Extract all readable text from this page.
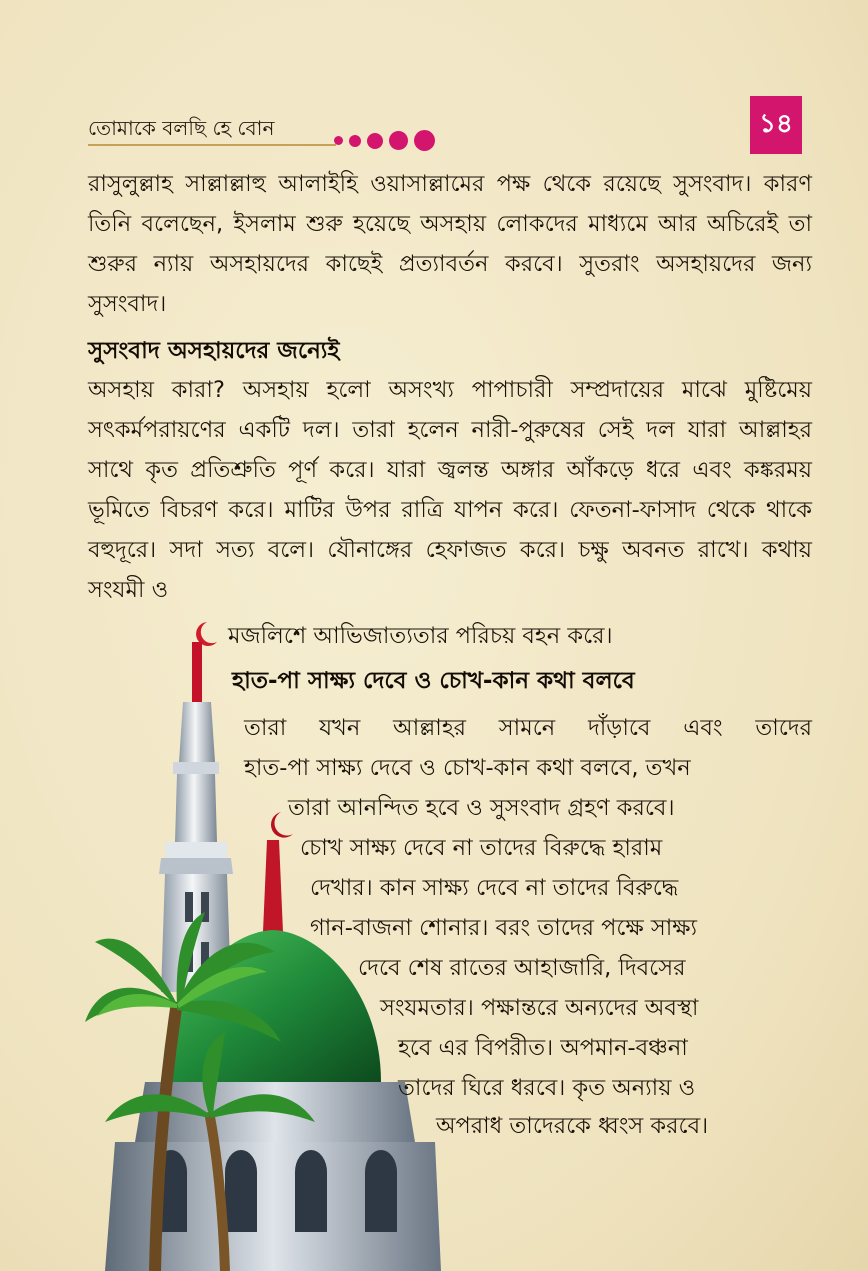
তোমাকে বলছি হে বোন	১৪

রাসুলুল্লাহ সাল্লাল্লাহু আলাইহি ওয়াসাল্লামের পক্ষ থেকে রয়েছে সুসংবাদ। কারণ তিনি বলেছেন, ইসলাম শুরু হয়েছে অসহায় লোকদের মাধ্যমে আর অচিরেই তা শুরুর ন্যায় অসহায়দের কাছেই প্রত্যাবর্তন করবে। সুতরাং অসহায়দের জন্য সুসংবাদ।

সুসংবাদ অসহায়দের জন্যেই

অসহায় কারা? অসহায় হলো অসংখ্য পাপাচারী সম্প্রদায়ের মাঝে মুষ্টিমেয় সৎকর্মপরায়ণের একটি দল। তারা হলেন নারী-পুরুষের সেই দল যারা আল্লাহর সাথে কৃত প্রতিশ্রুতি পূর্ণ করে। যারা জ্বলন্ত অঙ্গার আঁকড়ে ধরে এবং কঙ্করময় ভূমিতে বিচরণ করে। মাটির উপর রাত্রি যাপন করে। ফেতনা-ফাসাদ থেকে থাকে বহুদূরে। সদা সত্য বলে। যৌনাঙ্গের হেফাজত করে। চক্ষু অবনত রাখে। কথায় সংযমী ও

মজলিশে আভিজাত্যতার পরিচয় বহন করে।
হাত-পা সাক্ষ্য দেবে ও চোখ-কান কথা বলবে
তারা যখন আল্লাহর সামনে দাঁড়াবে এবং তাদের
হাত-পা সাক্ষ্য দেবে ও চোখ-কান কথা বলবে, তখন
তারা আনন্দিত হবে ও সুসংবাদ গ্রহণ করবে।
চোখ সাক্ষ্য দেবে না তাদের বিরুদ্ধে হারাম
দেখার। কান সাক্ষ্য দেবে না তাদের বিরুদ্ধে
গান-বাজনা শোনার। বরং তাদের পক্ষে সাক্ষ্য
দেবে শেষ রাতের আহাজারি, দিবসের
সংযমতার। পক্ষান্তরে অন্যদের অবস্থা
হবে এর বিপরীত। অপমান-বঞ্চনা
তাদের ঘিরে ধরবে। কৃত অন্যায় ও
অপরাধ তাদেরকে ধ্বংস করবে।
